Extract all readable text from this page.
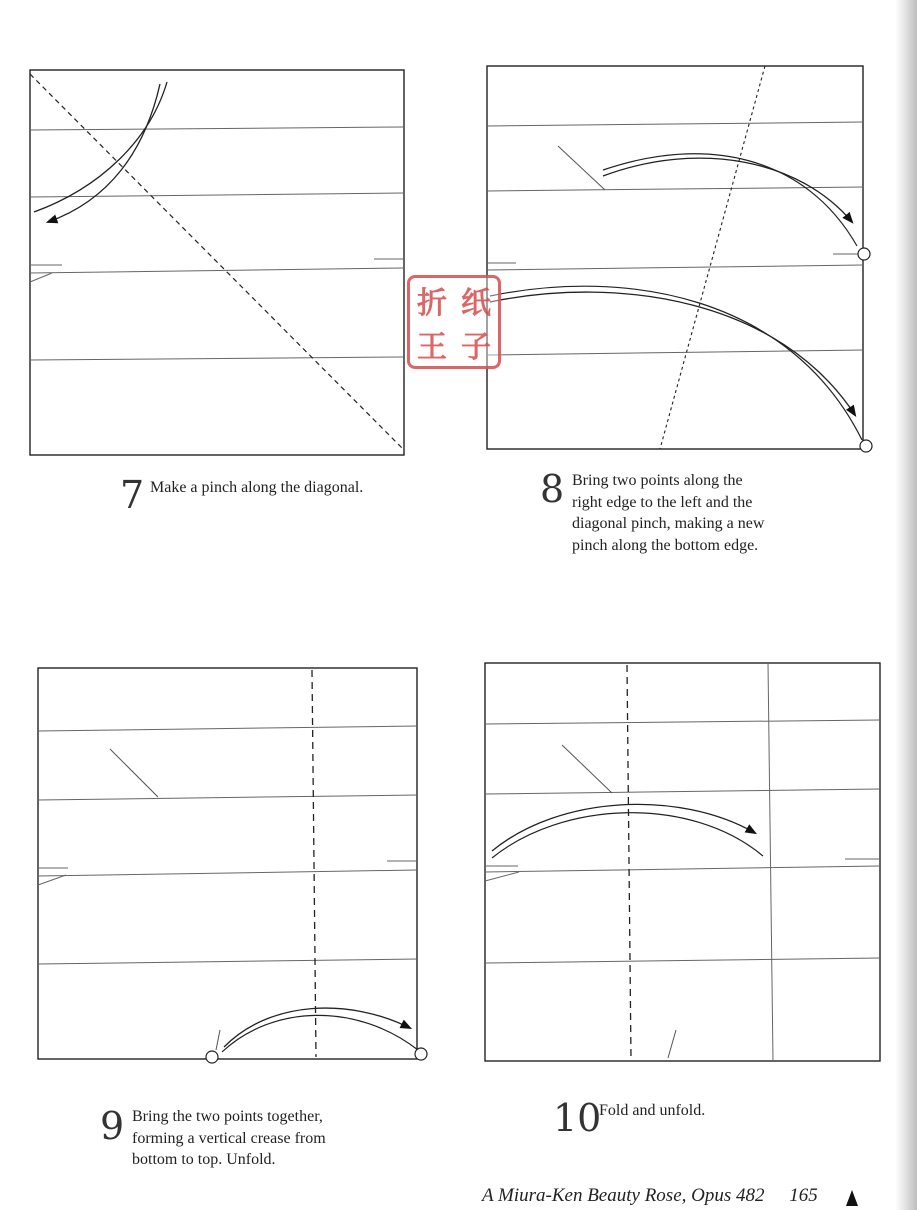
折 纸
王 子
7 Make a pinch along the diagonal.	8 Bring two points along the
right edge to the left and the
diagonal pinch, making a new
pinch along the bottom edge.
9 Bring the two points together,
forming a vertical crease from
bottom to top. Unfold.
10
Fold and unfold.
A Miura-Ken Beauty Rose, Opus 482 165
